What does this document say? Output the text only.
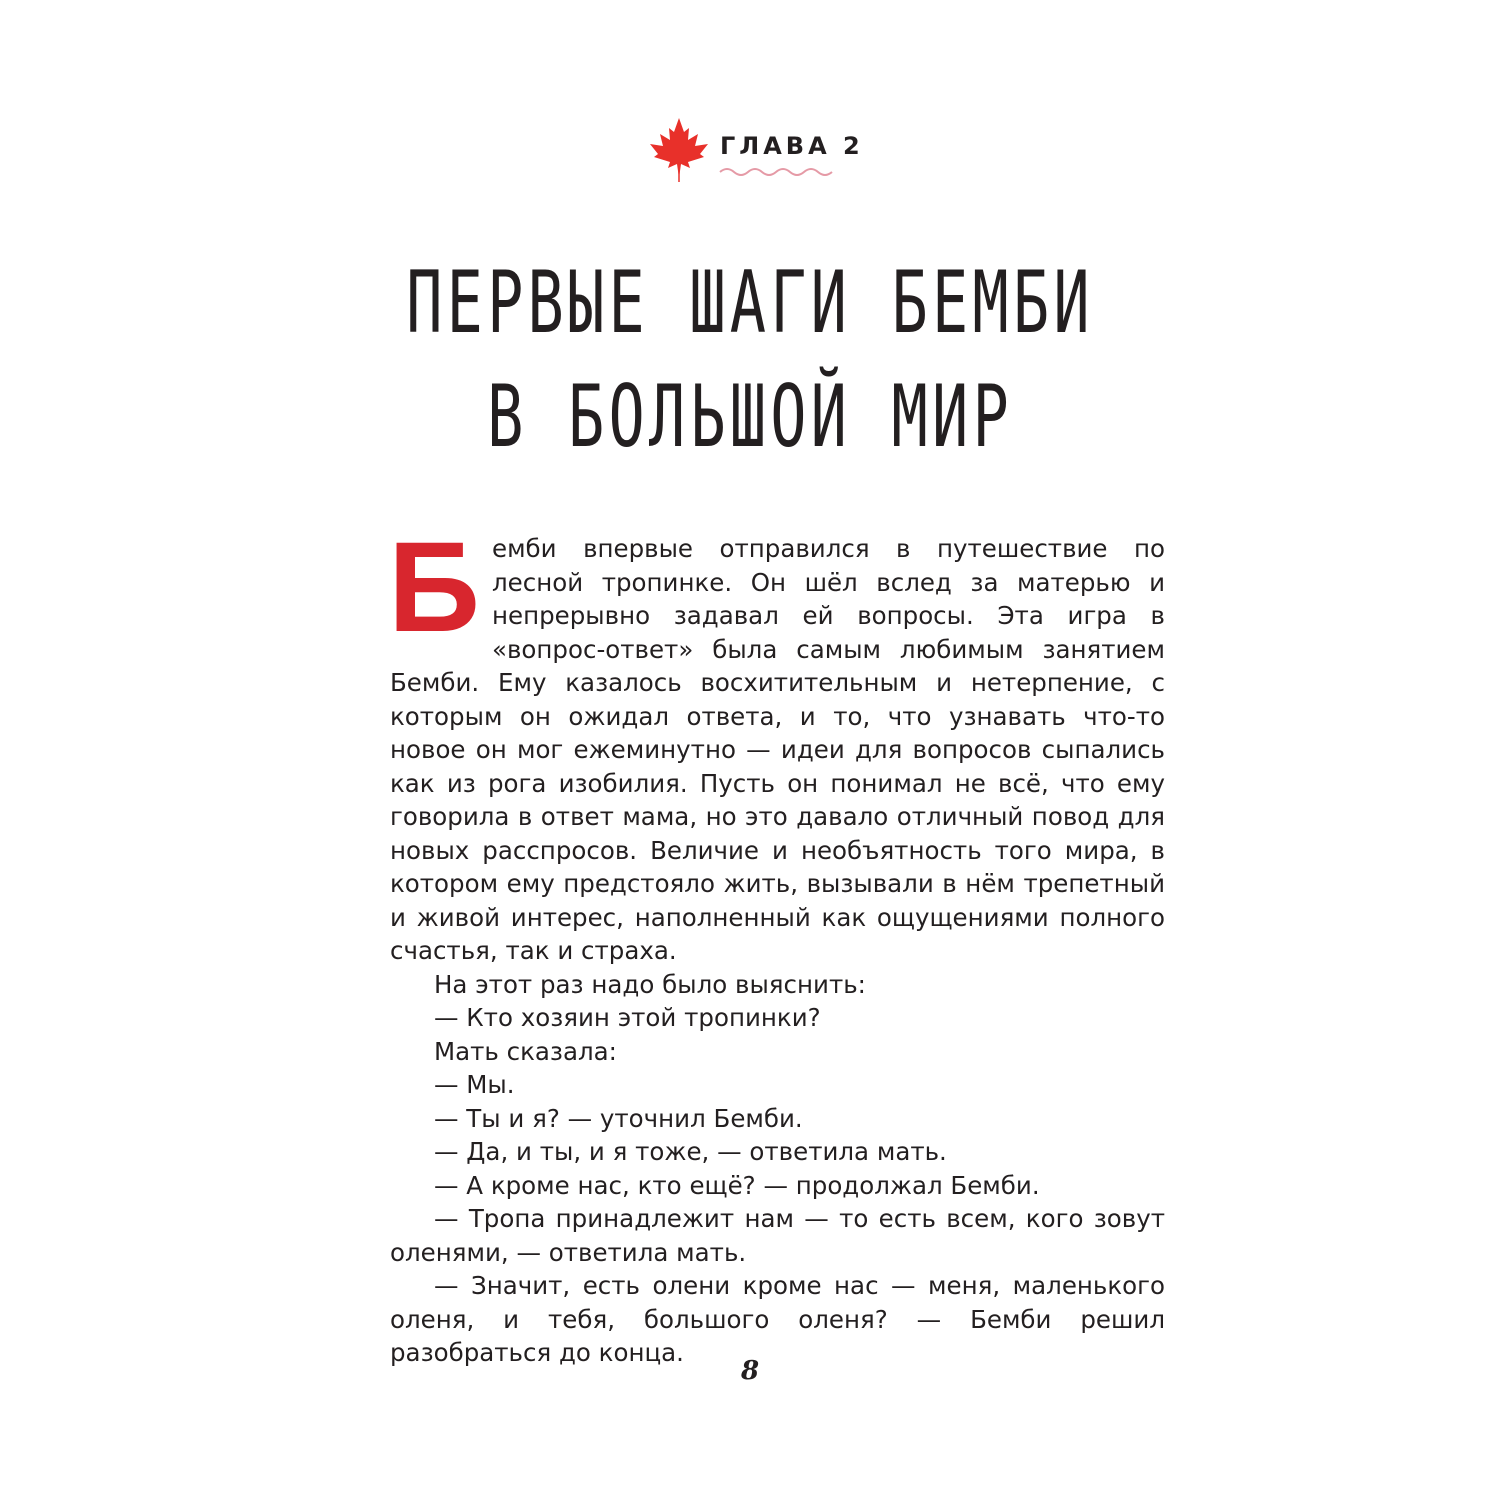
ГЛАВА 2
ПЕРВЫЕ ШАГИ БЕМБИ
В БОЛЬШОЙ МИР

Бемби впервые отправился в путешествие по лесной тропинке. Он шёл вслед за матерью и непрерывно задавал ей вопросы. Эта игра в «вопрос-ответ» была самым любимым занятием Бемби. Ему казалось восхитительным и нетерпение, с которым он ожидал ответа, и то, что узнавать что-то новое он мог ежеминутно — идеи для вопросов сыпались как из рога изобилия. Пусть он понимал не всё, что ему говорила в ответ мама, но это давало отличный повод для новых расспросов. Величие и необъятность того мира, в котором ему предстояло жить, вызывали в нём трепетный и живой интерес, наполненный как ощущениями полного счастья, так и страха.

На этот раз надо было выяснить:

— Кто хозяин этой тропинки?

Мать сказала:

— Мы.

— Ты и я? — уточнил Бемби.

— Да, и ты, и я тоже, — ответила мать.

— А кроме нас, кто ещё? — продолжал Бемби.

— Тропа принадлежит нам — то есть всем, кого зовут оленями, — ответила мать.

— Значит, есть олени кроме нас — меня, маленького оленя, и тебя, большого оленя? — Бемби решил разобраться до конца.

8
